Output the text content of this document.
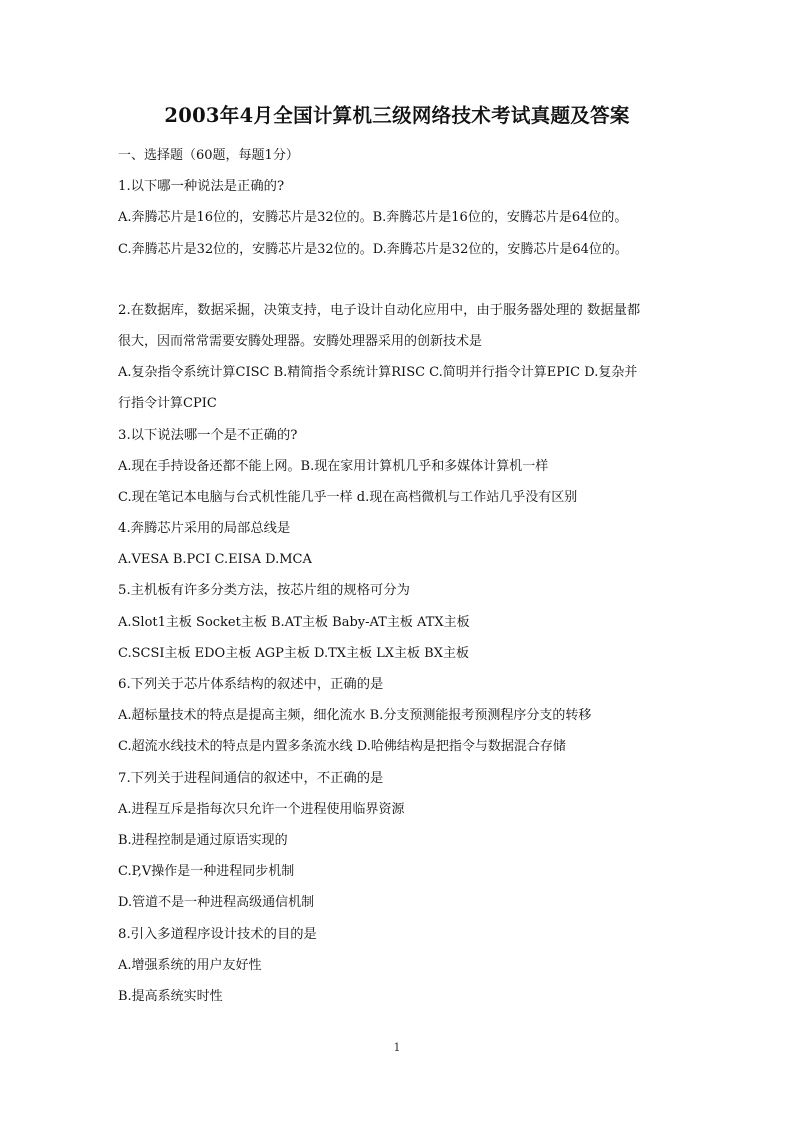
2003年4月全国计算机三级网络技术考试真题及答案
一、选择题（60题，每题1分）
1.以下哪一种说法是正确的?
A.奔腾芯片是16位的，安腾芯片是32位的。B.奔腾芯片是16位的，安腾芯片是64位的。
C.奔腾芯片是32位的，安腾芯片是32位的。D.奔腾芯片是32位的，安腾芯片是64位的。
2.在数据库，数据采掘，决策支持，电子设计自动化应用中，由于服务器处理的 数据量都
很大，因而常常需要安腾处理器。安腾处理器采用的创新技术是
A.复杂指令系统计算CISC B.精简指令系统计算RISC C.简明并行指令计算EPIC D.复杂并
行指令计算CPIC
3.以下说法哪一个是不正确的?
A.现在手持设备还都不能上网。B.现在家用计算机几乎和多媒体计算机一样
C.现在笔记本电脑与台式机性能几乎一样 d.现在高档微机与工作站几乎没有区别
4.奔腾芯片采用的局部总线是
A.VESA B.PCI C.EISA D.MCA
5.主机板有许多分类方法，按芯片组的规格可分为
A.Slot1主板 Socket主板 B.AT主板 Baby-AT主板 ATX主板
C.SCSI主板 EDO主板 AGP主板 D.TX主板 LX主板 BX主板
6.下列关于芯片体系结构的叙述中，正确的是
A.超标量技术的特点是提高主频，细化流水 B.分支预测能报考预测程序分支的转移
C.超流水线技术的特点是内置多条流水线 D.哈佛结构是把指令与数据混合存储
7.下列关于进程间通信的叙述中，不正确的是
A.进程互斥是指每次只允许一个进程使用临界资源
B.进程控制是通过原语实现的
C.P,V操作是一种进程同步机制
D.管道不是一种进程高级通信机制
8.引入多道程序设计技术的目的是
A.增强系统的用户友好性
B.提高系统实时性
1
